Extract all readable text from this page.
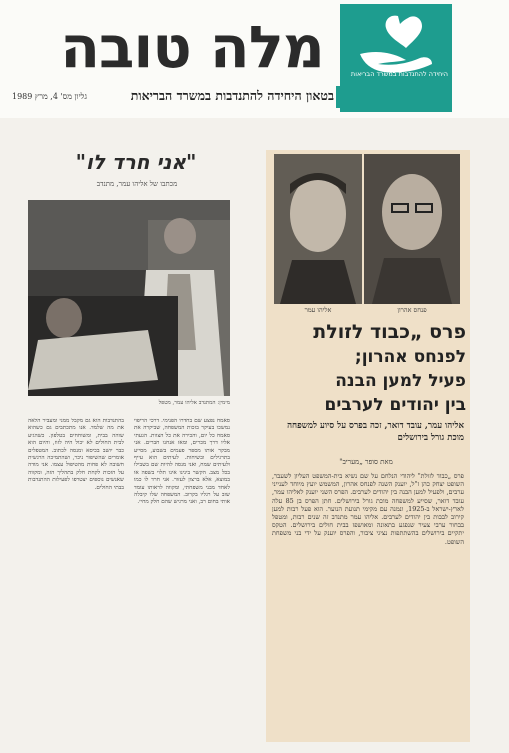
מלה טובה	היחידה להתנדבות במשרד הבריאות
בטאון היחידה להתנדבות במשרד הבריאות
גליון מס' 4, מרץ 1989
"אני חרד לו"
מכתבו של אליהו עמר, מתנדב
מימין: המתנדב אליהו עמר, מטפל
סאמח נפצע שם בחדרו הפנימי. דרכי הריפוי נמשכו בעיקר בזכות המשפחה, שביקרה את סאמח כל יום, והכירה את כל הצוות. הגעתי אליו דרך מכרים, ומאז אנחנו חברים. אני מבקר אותו מספר פעמים בשבוע, מסייע בתרגילים ובשיחות. לעיתים הוא עייף ולעיתים שמח, ואני מנסה להיות שם בשבילו בכל מצב. הקשר בינינו אינו תלוי בשפה או במוצא, אלא ברצון לעזור. אני חרד לו כמו לאחד מבני משפחתי, ומקווה לראותו עומד שוב על רגליו בקרוב. המשפחה שלו קיבלה אותי בחום רב, ואני מרגיש שהם חלק מחיי.
בהתנדבות הוא גם מקבל ממני ומעביר הלאה את מה שלמד. אנו מתכתבים גם כשהוא שוהה בבית, ומשוחחים בטלפון. כשהגיע לבית החולים לא יכול היה לזוז, והיום הוא כבר יושב בכיסא ומנסה לכתוב. המטפלים אומרים שהשיפור ניכר, ושהתמיכה הרגשית חשובה לא פחות מהטיפול עצמו. אני מודה על הזכות לקחת חלק בתהליך הזה, ומקווה שאנשים נוספים יצטרפו לפעילות ההתנדבות בבתי החולים.
פנחס אהרון
אליהו עמר
פרס „כבוד לזולת
לפנחס אהרון;
פעיל למען הבנה
בין יהודים לערבים
אליהו עמר, עובד דואר, זכה בפרס על סיוע למשפחה מוכת גורל בירושלים
מאת סופר „מעריב"
פרס „כבוד לזולת" ליהודי הנלחם על שם נשיא בית-המשפט העליון לשעבר, השופט יצחק כהן ז"ל, יוענק השנה לפנחס אהרון, המשמש יועץ מיוחד לענייני ערבים, ולפעיל למען הבנה בין יהודים לערבים. הפרס השני יוענק לאליהו עמר, עובד דואר, שסייע למשפחה מוכת גורל בירושלים. חתן הפרס בן 85 עלה לארץ-ישראל ב-1925, ונמנה עם מקימי תנועת הנוער. הוא פעל רבות למען קירוב לבבות בין יהודים לערבים. אליהו עמר מתנדב זה שנים רבות, ומטפל בבחור ערבי צעיר שנפגע בתאונה ומאושפז בבית חולים בירושלים. הטקס יתקיים בירושלים בהשתתפות נציגי ציבור, והפרס יוענק על ידי בני משפחת השופט.
